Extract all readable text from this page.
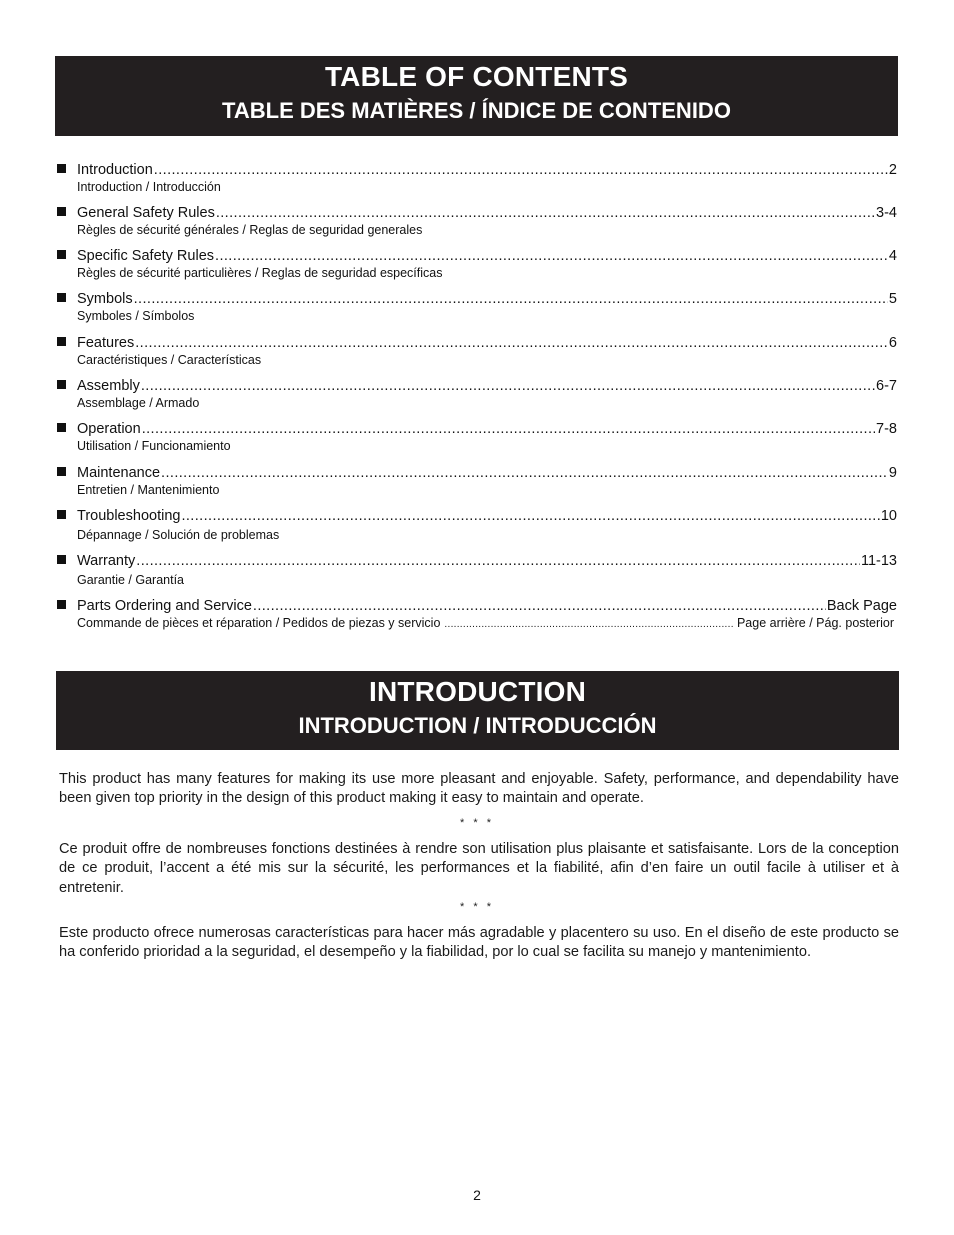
TABLE OF CONTENTS
TABLE DES MATIÈRES / ÍNDICE DE CONTENIDO
Introduction .....	2
Introduction / Introducción
General Safety Rules .....	3-4
Règles de sécurité générales / Reglas de seguridad generales
Specific Safety Rules .....	4
Règles de sécurité particulières / Reglas de seguridad específicas
Symbols .....	5
Symboles / Símbolos
Features .....	6
Caractéristiques / Características
Assembly .....	6-7
Assemblage / Armado
Operation .....	7-8
Utilisation / Funcionamiento
Maintenance .....	9
Entretien / Mantenimiento
Troubleshooting .....	10
Dépannage / Solución de problemas
Warranty .....	11-13
Garantie / Garantía
Parts Ordering and Service .....	Back Page
Commande de pièces et réparation / Pedidos de piezas y servicio .....	Page arrière / Pág. posterior
INTRODUCTION
INTRODUCTION / INTRODUCCIÓN
This product has many features for making its use more pleasant and enjoyable. Safety, performance, and dependability have been given top priority in the design of this product making it easy to maintain and operate.
* * *
Ce produit offre de nombreuses fonctions destinées à rendre son utilisation plus plaisante et satisfaisante. Lors de la conception de ce produit, l’accent a été mis sur la sécurité, les performances et la fiabilité, afin d’en faire un outil facile à utiliser et à entretenir.
* * *
Este producto ofrece numerosas características para hacer más agradable y placentero su uso. En el diseño de este producto se ha conferido prioridad a la seguridad, el desempeño y la fiabilidad, por lo cual se facilita su manejo y mantenimiento.
2
